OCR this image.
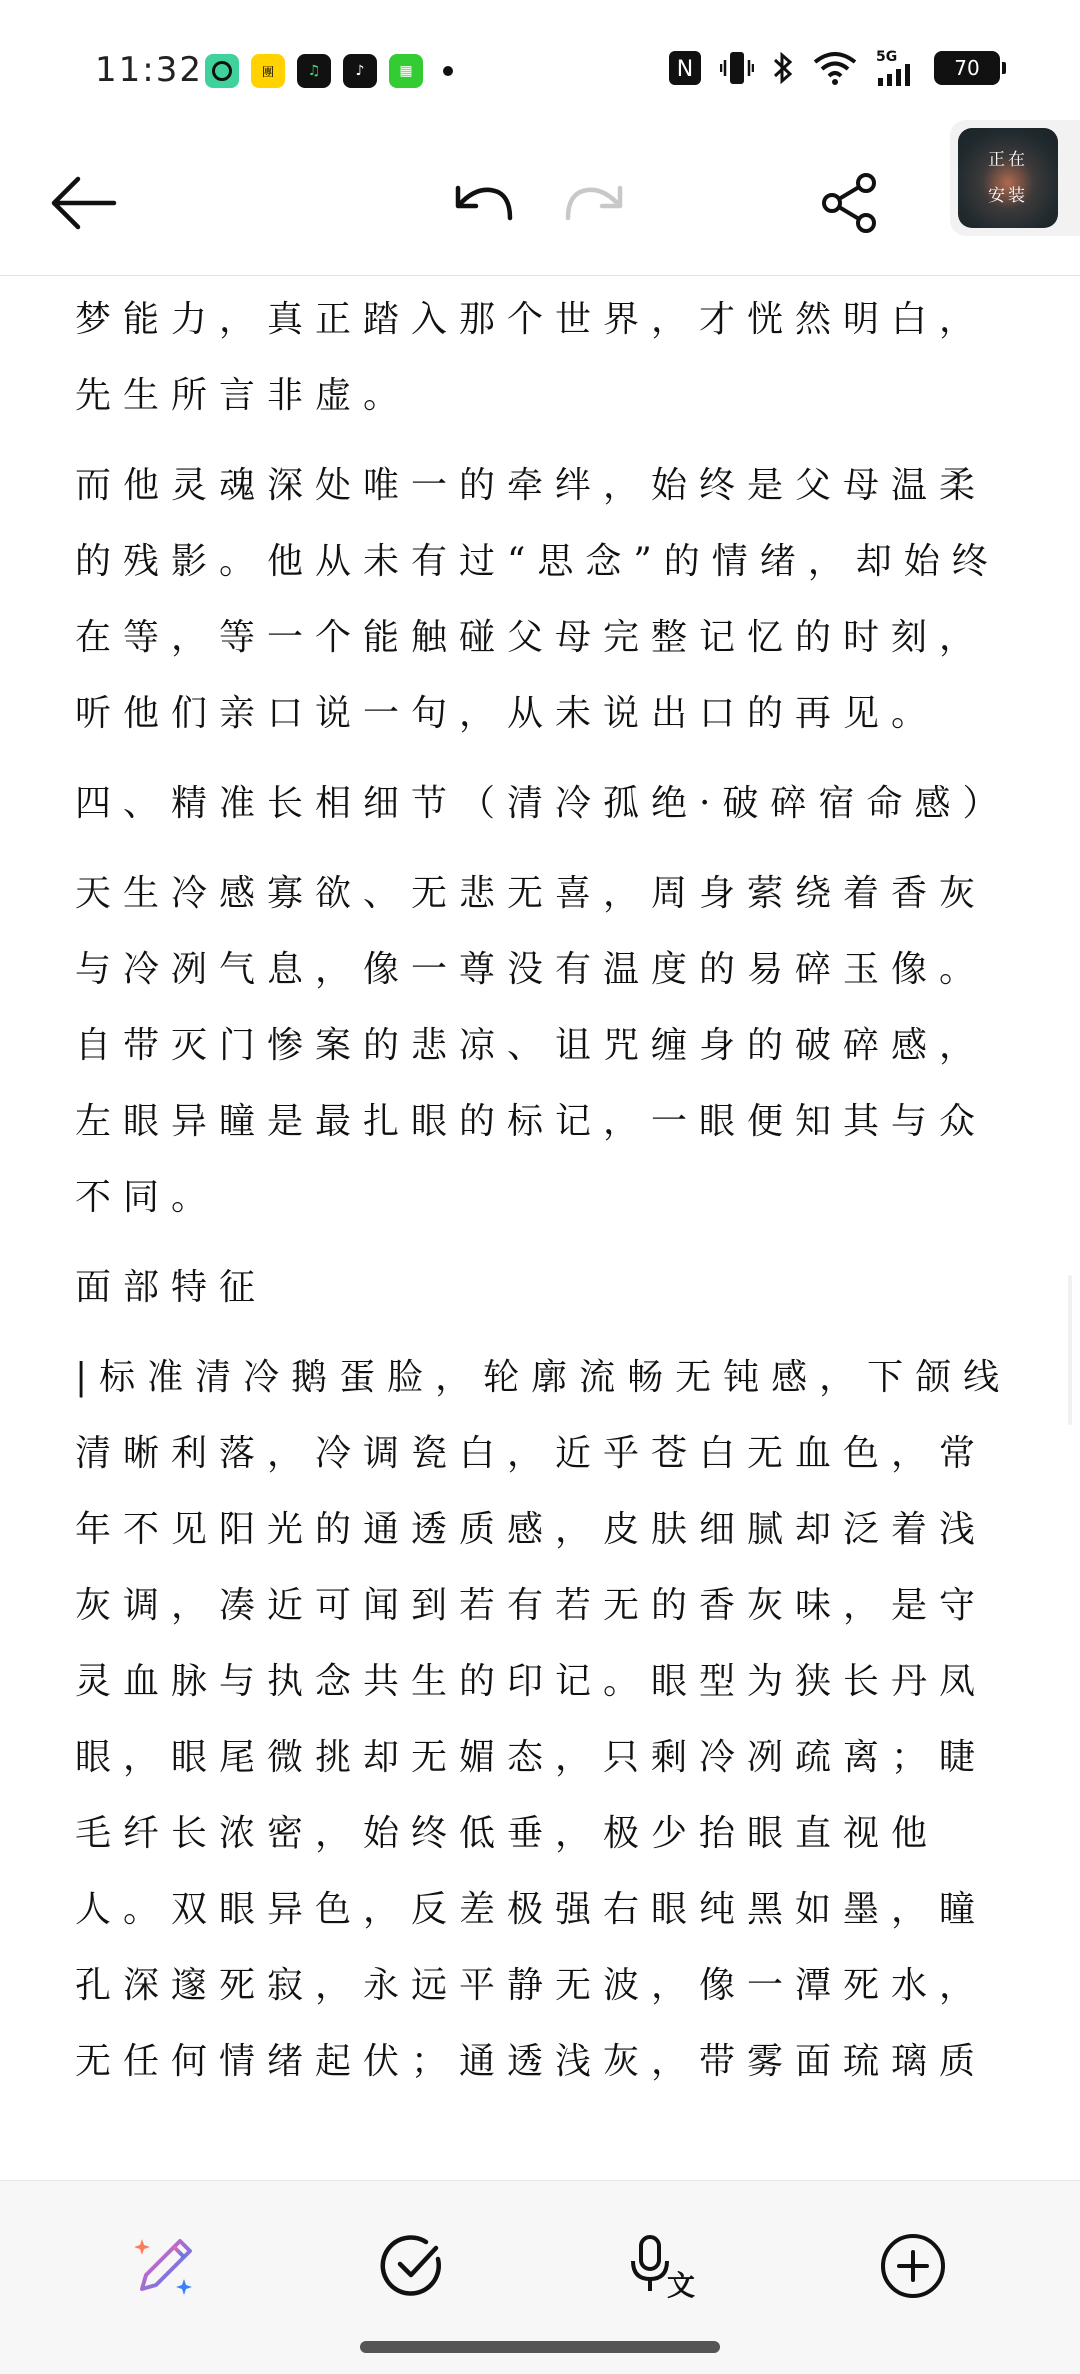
11:32	團	♫	♪	▦	N	5G	70
正在
安装

梦能力，真正踏入那个世界，才恍然明白，先生所言非虚。

而他灵魂深处唯一的牵绊，始终是父母温柔的残影。他从未有过“思念”的情绪，却始终在等，等一个能触碰父母完整记忆的时刻，听他们亲口说一句，从未说出口的再见。

四、精准长相细节（清冷孤绝·破碎宿命感）

天生冷感寡欲、无悲无喜，周身萦绕着香灰与冷冽气息，像一尊没有温度的易碎玉像。自带灭门惨案的悲凉、诅咒缠身的破碎感，左眼异瞳是最扎眼的标记，一眼便知其与众不同。

面部特征

|标准清冷鹅蛋脸，轮廓流畅无钝感，下颌线清晰利落，冷调瓷白，近乎苍白无血色，常年不见阳光的通透质感，皮肤细腻却泛着浅灰调，凑近可闻到若有若无的香灰味，是守灵血脉与执念共生的印记。眼型为狭长丹凤眼，眼尾微挑却无媚态，只剩冷冽疏离；睫毛纤长浓密，始终低垂，极少抬眼直视他人。双眼异色，反差极强右眼纯黑如墨，瞳孔深邃死寂，永远平静无波，像一潭死水，无任何情绪起伏；通透浅灰，带雾面琉璃质

文
